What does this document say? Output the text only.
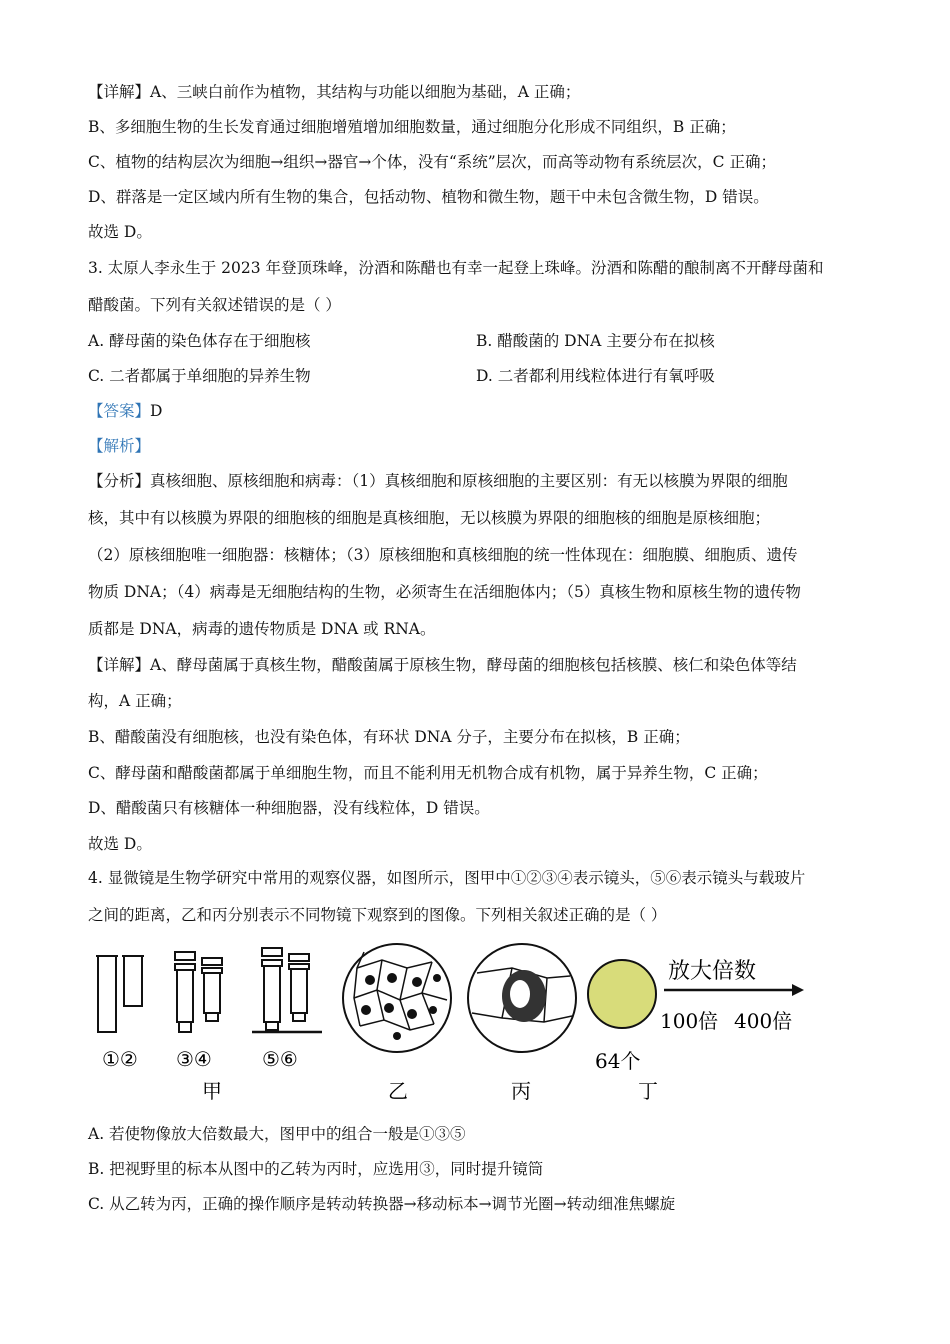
【详解】A、三峡白前作为植物，其结构与功能以细胞为基础，A 正确；
B、多细胞生物的生长发育通过细胞增殖增加细胞数量，通过细胞分化形成不同组织，B 正确；
C、植物的结构层次为细胞→组织→器官→个体，没有“系统”层次，而高等动物有系统层次，C 正确；
D、群落是一定区域内所有生物的集合，包括动物、植物和微生物，题干中未包含微生物，D 错误。
故选 D。
3. 太原人李永生于 2023 年登顶珠峰，汾酒和陈醋也有幸一起登上珠峰。汾酒和陈醋的酿制离不开酵母菌和
醋酸菌。下列有关叙述错误的是（ ）
A. 酵母菌的染色体存在于细胞核	B. 醋酸菌的 DNA 主要分布在拟核
C. 二者都属于单细胞的异养生物	D. 二者都利用线粒体进行有氧呼吸
【答案】D
【解析】
【分析】真核细胞、原核细胞和病毒：（1）真核细胞和原核细胞的主要区别：有无以核膜为界限的细胞
核，其中有以核膜为界限的细胞核的细胞是真核细胞，无以核膜为界限的细胞核的细胞是原核细胞；
（2）原核细胞唯一细胞器：核糖体；（3）原核细胞和真核细胞的统一性体现在：细胞膜、细胞质、遗传
物质 DNA；（4）病毒是无细胞结构的生物，必须寄生在活细胞体内；（5）真核生物和原核生物的遗传物
质都是 DNA，病毒的遗传物质是 DNA 或 RNA。
【详解】A、酵母菌属于真核生物，醋酸菌属于原核生物，酵母菌的细胞核包括核膜、核仁和染色体等结
构，A 正确；
B、醋酸菌没有细胞核，也没有染色体，有环状 DNA 分子，主要分布在拟核，B 正确；
C、酵母菌和醋酸菌都属于单细胞生物，而且不能利用无机物合成有机物，属于异养生物，C 正确；
D、醋酸菌只有核糖体一种细胞器，没有线粒体，D 错误。
故选 D。
4. 显微镜是生物学研究中常用的观察仪器，如图所示，图甲中①②③④表示镜头，⑤⑥表示镜头与载玻片
之间的距离，乙和丙分别表示不同物镜下观察到的图像。下列相关叙述正确的是（ ）
①② ③④	⑤⑥
甲	乙	丙	丁
64个
放大倍数
100倍 400倍
A. 若使物像放大倍数最大，图甲中的组合一般是①③⑤
B. 把视野里的标本从图中的乙转为丙时，应选用③，同时提升镜筒
C. 从乙转为丙，正确的操作顺序是转动转换器→移动标本→调节光圈→转动细准焦螺旋
